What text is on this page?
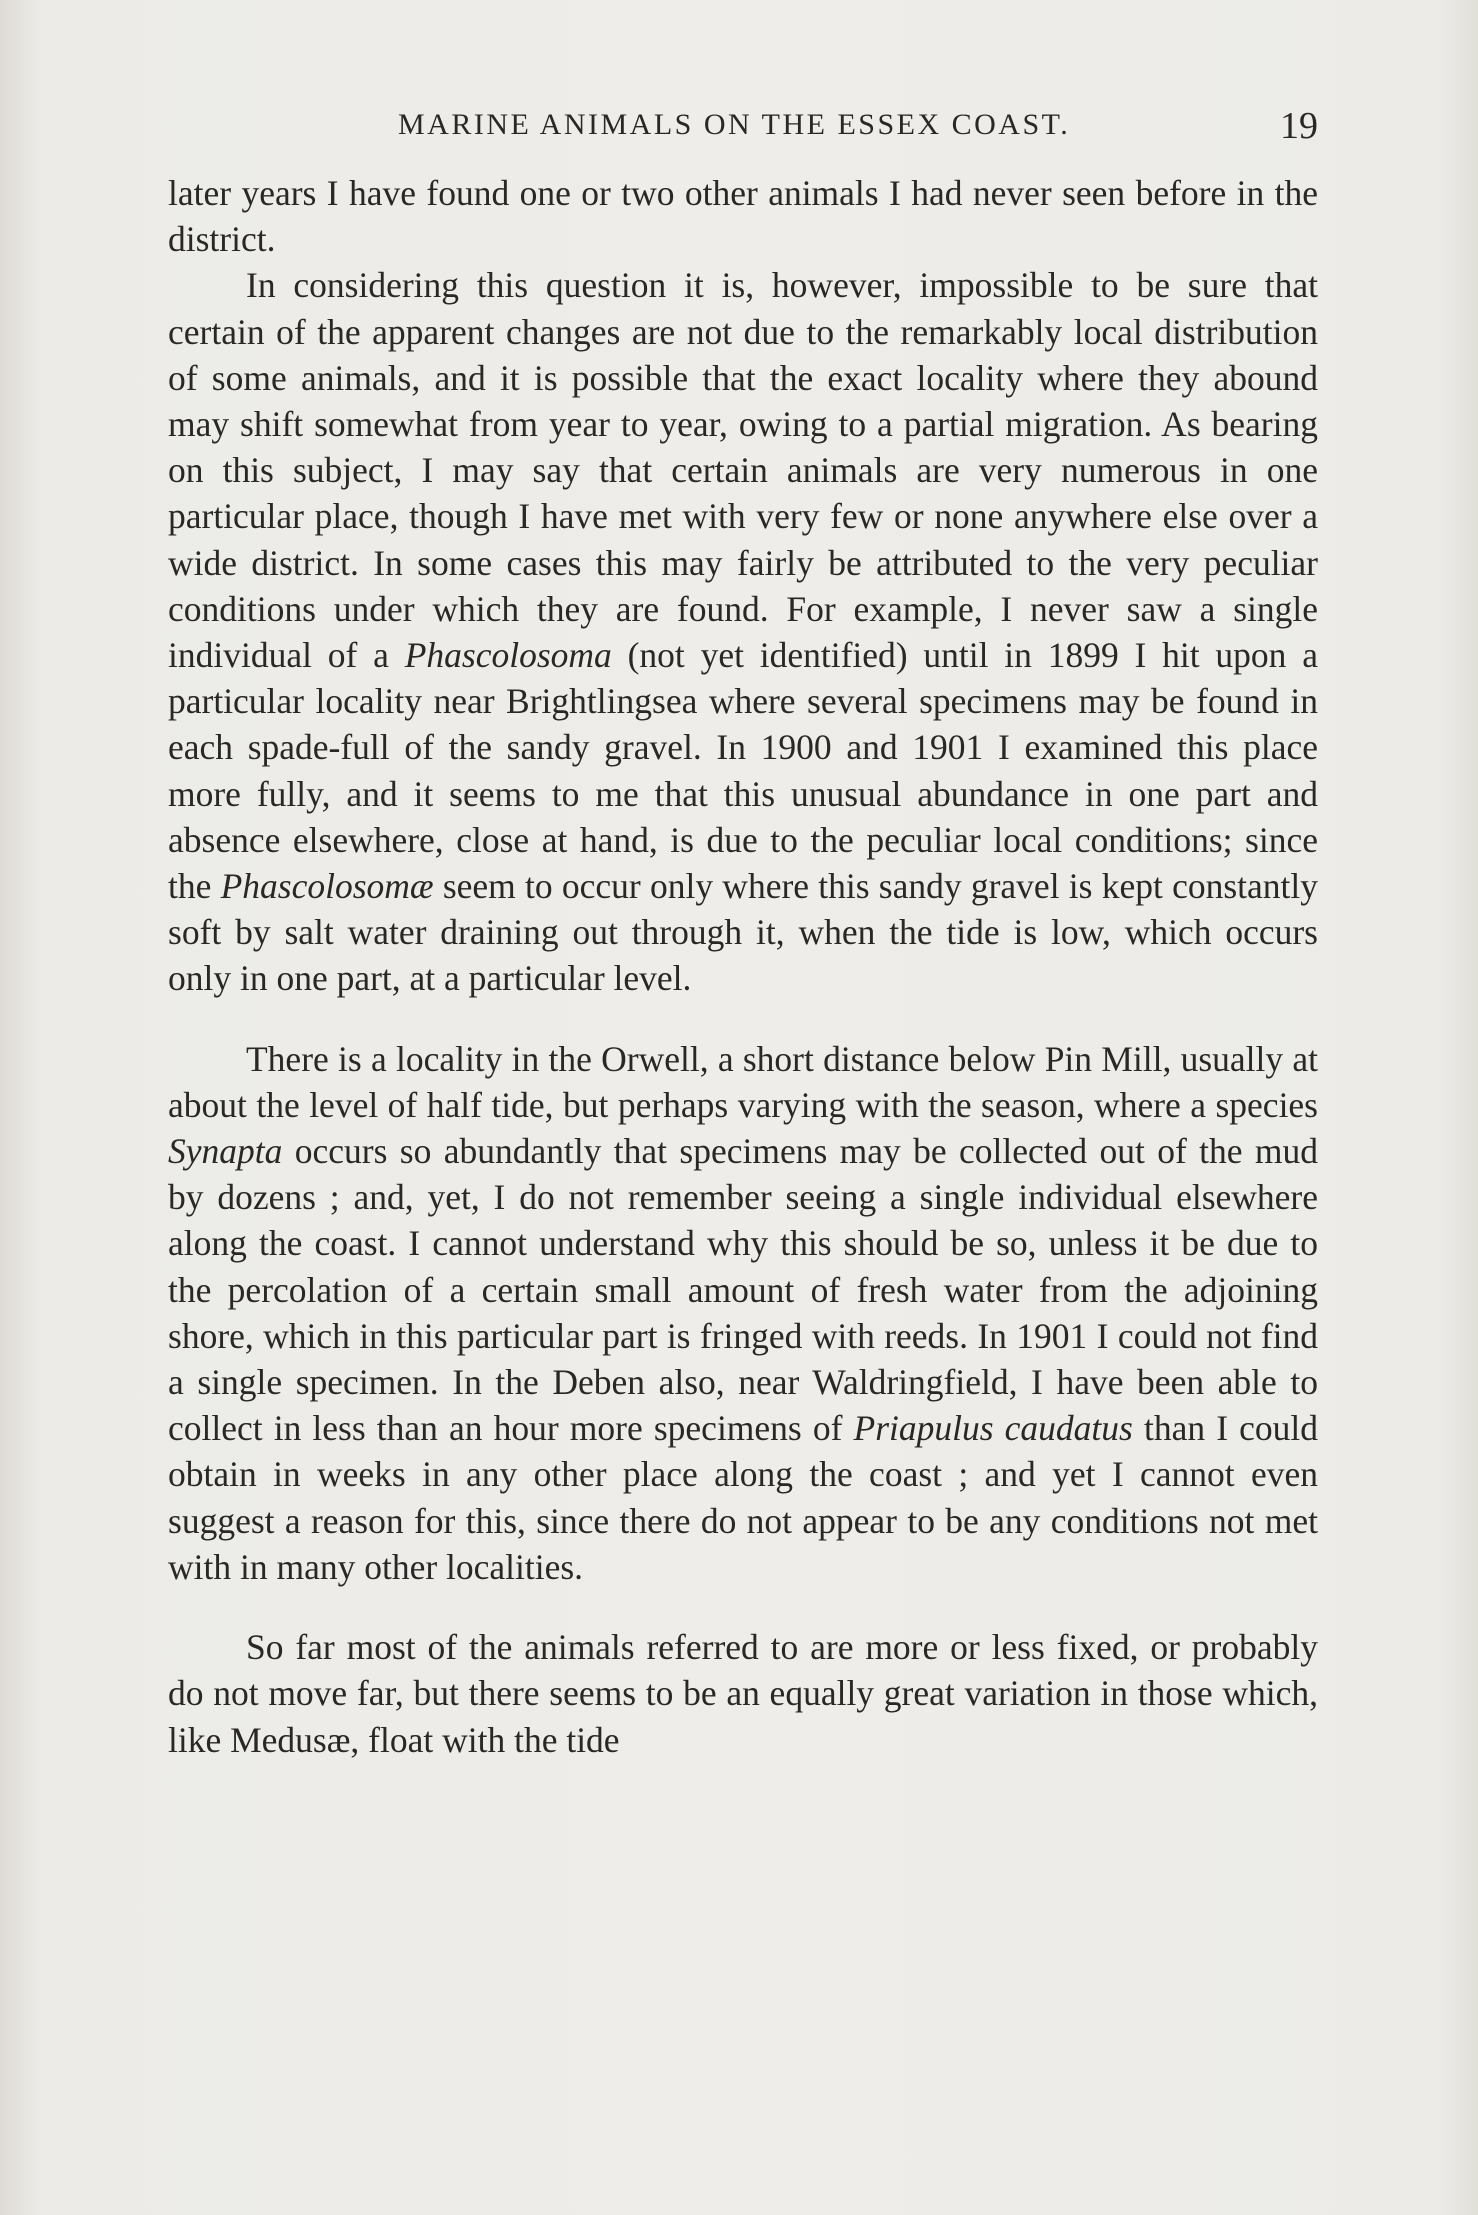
MARINE ANIMALS ON THE ESSEX COAST.	19

later years I have found one or two other animals I had never seen before in the district.

In considering this question it is, however, impossible to be sure that certain of the apparent changes are not due to the remarkably local distribution of some animals, and it is possible that the exact locality where they abound may shift somewhat from year to year, owing to a partial migration. As bearing on this subject, I may say that certain animals are very numerous in one particular place, though I have met with very few or none anywhere else over a wide district. In some cases this may fairly be attributed to the very peculiar conditions under which they are found. For example, I never saw a single individual of a Phascolosoma (not yet identified) until in 1899 I hit upon a particular locality near Brightlingsea where several specimens may be found in each spade-full of the sandy gravel. In 1900 and 1901 I examined this place more fully, and it seems to me that this unusual abundance in one part and absence elsewhere, close at hand, is due to the peculiar local conditions; since the Phascolosomæ seem to occur only where this sandy gravel is kept constantly soft by salt water draining out through it, when the tide is low, which occurs only in one part, at a particular level.

There is a locality in the Orwell, a short distance below Pin Mill, usually at about the level of half tide, but perhaps varying with the season, where a species Synapta occurs so abundantly that specimens may be collected out of the mud by dozens ; and, yet, I do not remember seeing a single individual elsewhere along the coast. I cannot understand why this should be so, unless it be due to the percolation of a certain small amount of fresh water from the adjoining shore, which in this particular part is fringed with reeds. In 1901 I could not find a single specimen. In the Deben also, near Waldringfield, I have been able to collect in less than an hour more specimens of Priapulus caudatus than I could obtain in weeks in any other place along the coast ; and yet I cannot even suggest a reason for this, since there do not appear to be any conditions not met with in many other localities.

So far most of the animals referred to are more or less fixed, or probably do not move far, but there seems to be an equally great variation in those which, like Medusæ, float with the tide
